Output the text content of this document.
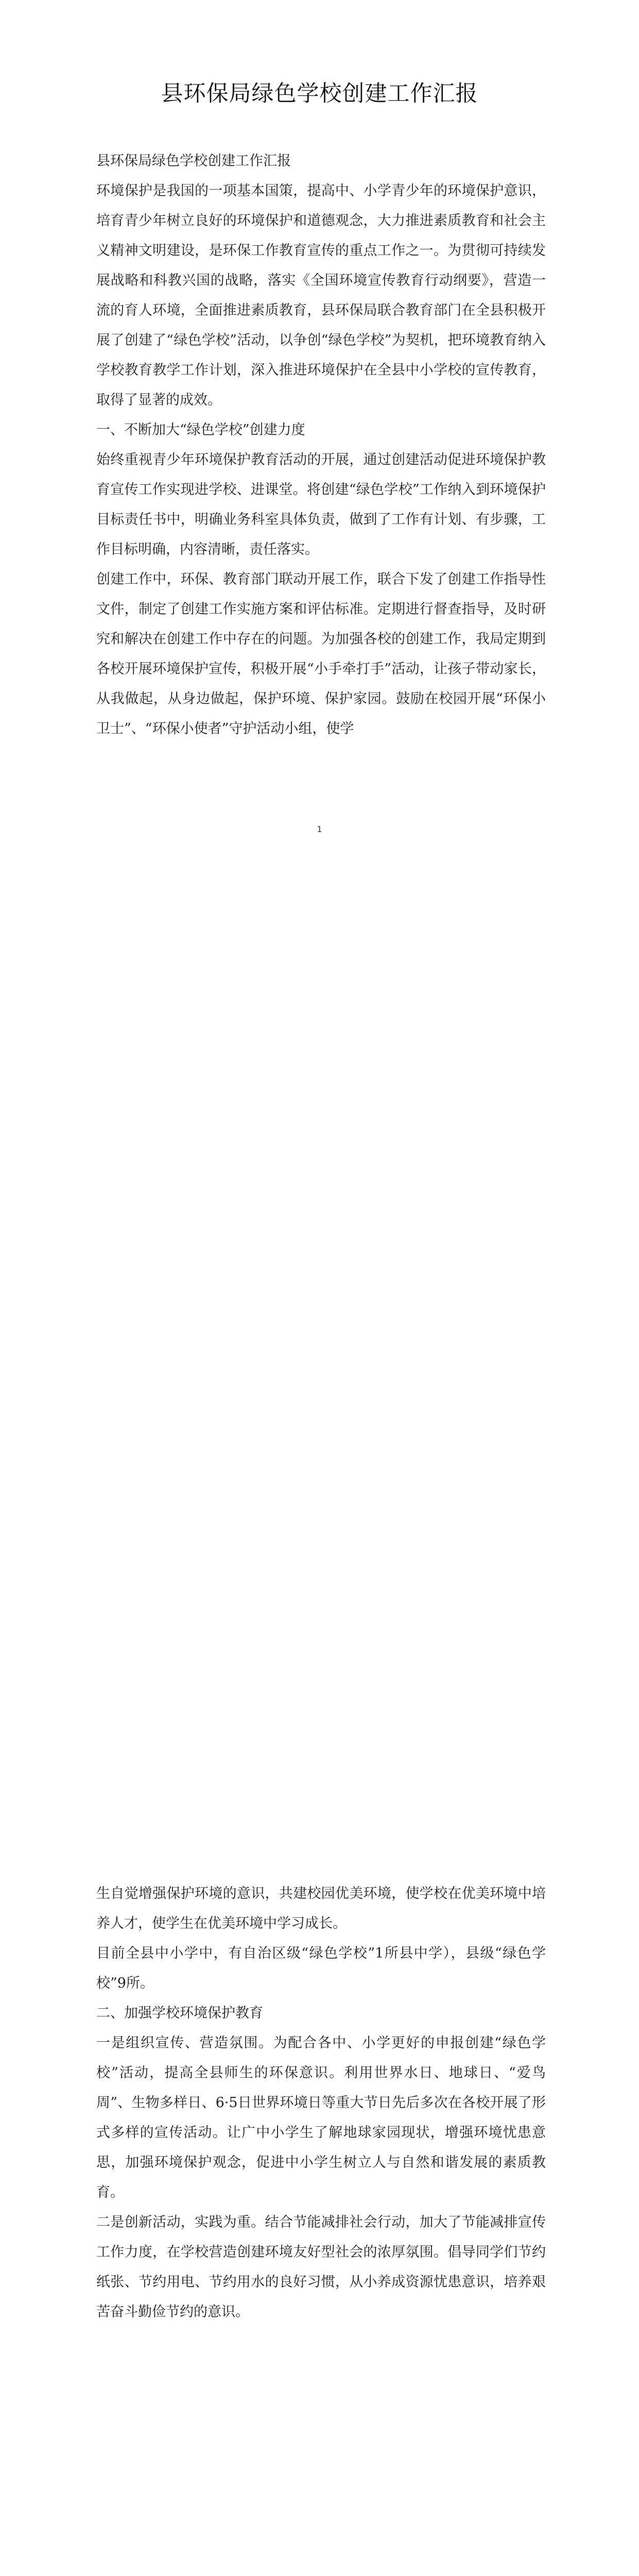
县环保局绿色学校创建工作汇报

县环保局绿色学校创建工作汇报

环境保护是我国的一项基本国策，提高中、小学青少年的环境保护意识，培育青少年树立良好的环境保护和道德观念，大力推进素质教育和社会主义精神文明建设，是环保工作教育宣传的重点工作之一。为贯彻可持续发展战略和科教兴国的战略，落实《全国环境宣传教育行动纲要》，营造一流的育人环境，全面推进素质教育，县环保局联合教育部门在全县积极开展了创建了“绿色学校”活动，以争创“绿色学校”为契机，把环境教育纳入学校教育教学工作计划，深入推进环境保护在全县中小学校的宣传教育，取得了显著的成效。

一、不断加大“绿色学校”创建力度

始终重视青少年环境保护教育活动的开展，通过创建活动促进环境保护教育宣传工作实现进学校、进课堂。将创建“绿色学校”工作纳入到环境保护目标责任书中，明确业务科室具体负责，做到了工作有计划、有步骤，工作目标明确，内容清晰，责任落实。

创建工作中，环保、教育部门联动开展工作，联合下发了创建工作指导性文件，制定了创建工作实施方案和评估标准。定期进行督查指导，及时研究和解决在创建工作中存在的问题。为加强各校的创建工作，我局定期到各校开展环境保护宣传，积极开展“小手牵打手”活动，让孩子带动家长，从我做起，从身边做起，保护环境、保护家园。鼓励在校园开展“环保小卫士”、“环保小使者”守护活动小组，使学

1

生自觉增强保护环境的意识，共建校园优美环境，使学校在优美环境中培养人才，使学生在优美环境中学习成长。

目前全县中小学中，有自治区级“绿色学校”1所县中学），县级“绿色学校”9所。

二、加强学校环境保护教育

一是组织宣传、营造氛围。为配合各中、小学更好的申报创建“绿色学校”活动，提高全县师生的环保意识。利用世界水日、地球日、“爱鸟周”、生物多样日、6·5日世界环境日等重大节日先后多次在各校开展了形式多样的宣传活动。让广中小学生了解地球家园现状，增强环境忧患意思，加强环境保护观念，促进中小学生树立人与自然和谐发展的素质教育。

二是创新活动，实践为重。结合节能减排社会行动，加大了节能减排宣传工作力度，在学校营造创建环境友好型社会的浓厚氛围。倡导同学们节约纸张、节约用电、节约用水的良好习惯，从小养成资源忧患意识，培养艰苦奋斗勤俭节约的意识。
